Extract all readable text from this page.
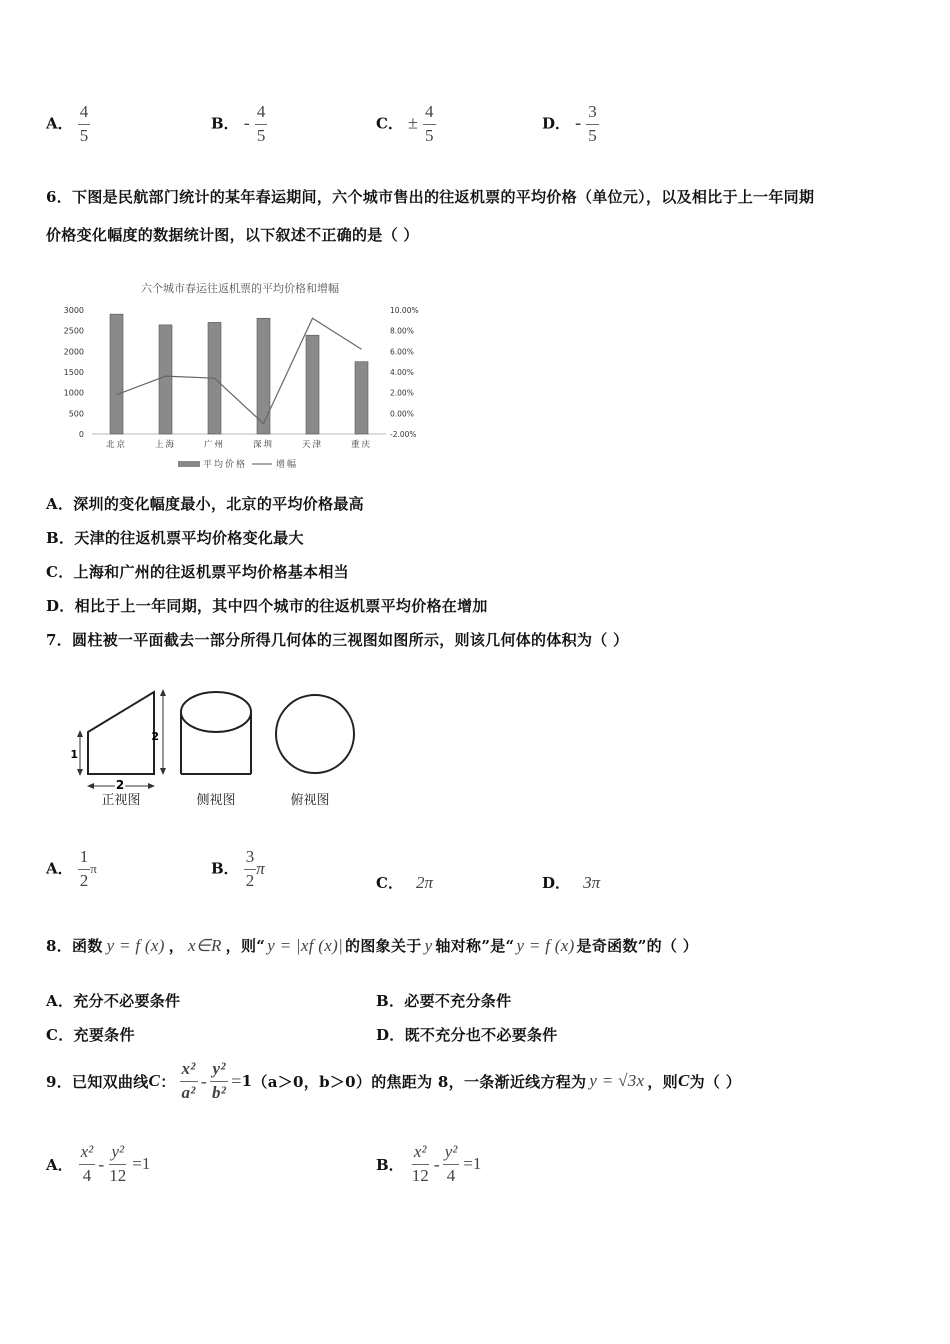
A． $\frac{4}{5}$	B． - $\frac{4}{5}$	C． ± $\frac{4}{5}$	D． - $\frac{3}{5}$
6．下图是民航部门统计的某年春运期间，六个城市售出的往返机票的平均价格（单位元），以及相比于上一年同期
价格变化幅度的数据统计图，以下叙述不正确的是（ ）
六个城市春运往返机票的平均价格和增幅
0
500
1000
1500
2000
2500
3000
-2.00%
0.00%
2.00%
4.00%
6.00%
8.00%
10.00%
北京	上海	广州	深圳	天津	重庆
平均价格	增幅
A．深圳的变化幅度最小，北京的平均价格最高
B．天津的往返机票平均价格变化最大
C．上海和广州的往返机票平均价格基本相当
D．相比于上一年同期，其中四个城市的往返机票平均价格在增加
7．圆柱被一平面截去一部分所得几何体的三视图如图所示，则该几何体的体积为（ ）
1
2
2
正视图	侧视图	俯视图
A． $\frac{1}{2}$ π	B． $\frac{3}{2}$ π
C． 2π	D． 3π
8．函数 y = f (x) ， x∈R ，则“ y = |xf (x)| 的图象关于 y 轴对称”是“ y = f (x) 是奇函数”的（ ）
A．充分不必要条件	B．必要不充分条件
C．充要条件	D．既不充分也不必要条件
9．已知双曲线 C ： $\frac{\text{x²}}{\text{a²}} - \frac{\text{y²}}{\text{b²}} = 1$ （a＞0，b＞0）的焦距为 8，一条渐近线方程为 y = √3x ，则 C 为（ ）
A． $\frac{\text{x²}}{4} - \frac{\text{y²}}{12} =1$	B． $\frac{\text{x²}}{12} - \frac{\text{y²}}{4} =1$
